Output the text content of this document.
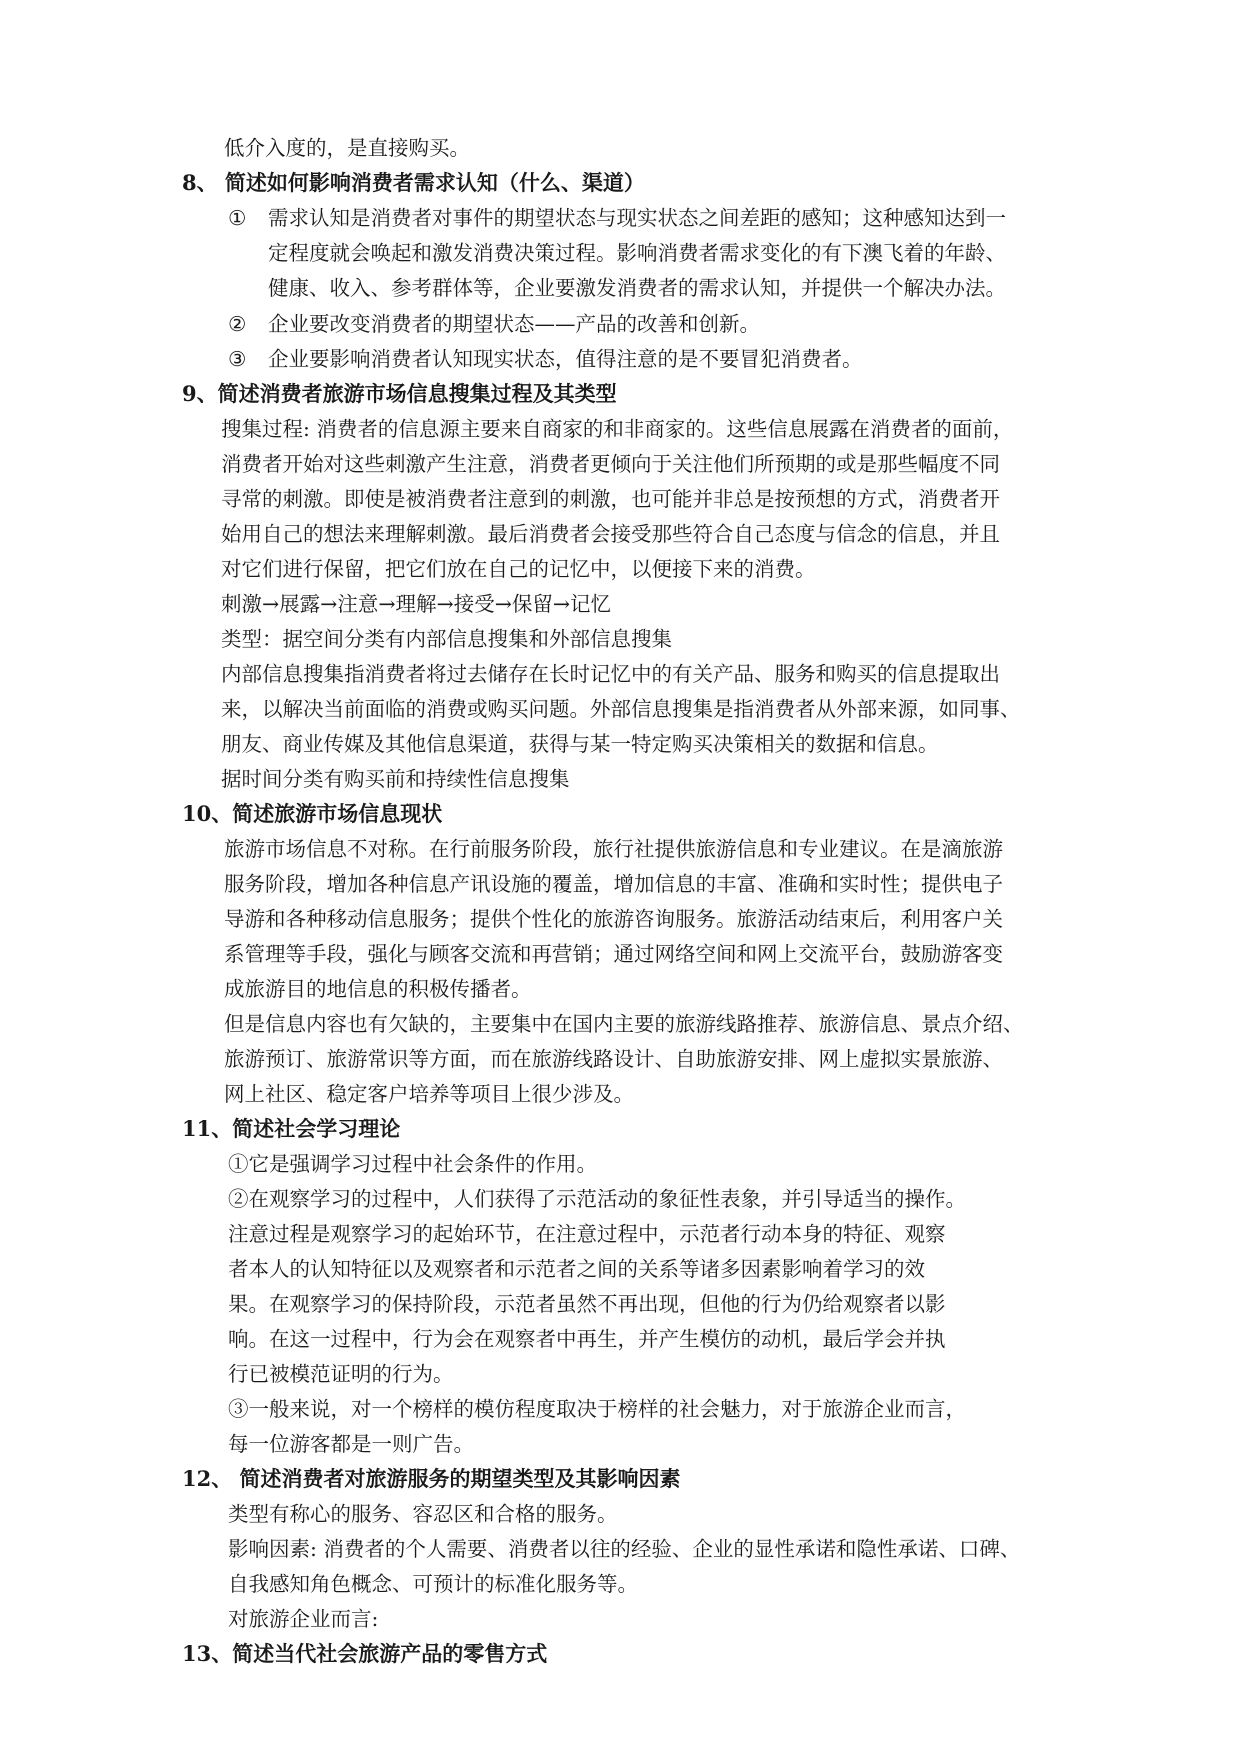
低介入度的，是直接购买。
8、 简述如何影响消费者需求认知（什么、渠道）
① 需求认知是消费者对事件的期望状态与现实状态之间差距的感知；这种感知达到一
定程度就会唤起和激发消费决策过程。影响消费者需求变化的有下澳飞着的年龄、
健康、收入、参考群体等，企业要激发消费者的需求认知，并提供一个解决办法。
② 企业要改变消费者的期望状态——产品的改善和创新。
③ 企业要影响消费者认知现实状态，值得注意的是不要冒犯消费者。
9、简述消费者旅游市场信息搜集过程及其类型
搜集过程: 消费者的信息源主要来自商家的和非商家的。这些信息展露在消费者的面前，
消费者开始对这些刺激产生注意，消费者更倾向于关注他们所预期的或是那些幅度不同
寻常的刺激。即使是被消费者注意到的刺激，也可能并非总是按预想的方式，消费者开
始用自己的想法来理解刺激。最后消费者会接受那些符合自己态度与信念的信息，并且
对它们进行保留，把它们放在自己的记忆中，以便接下来的消费。
刺激→展露→注意→理解→接受→保留→记忆
类型：据空间分类有内部信息搜集和外部信息搜集
内部信息搜集指消费者将过去储存在长时记忆中的有关产品、服务和购买的信息提取出
来，以解决当前面临的消费或购买问题。外部信息搜集是指消费者从外部来源，如同事、
朋友、商业传媒及其他信息渠道，获得与某一特定购买决策相关的数据和信息。
据时间分类有购买前和持续性信息搜集
10、简述旅游市场信息现状
旅游市场信息不对称。在行前服务阶段，旅行社提供旅游信息和专业建议。在是滴旅游
服务阶段，增加各种信息产讯设施的覆盖，增加信息的丰富、准确和实时性；提供电子
导游和各种移动信息服务；提供个性化的旅游咨询服务。旅游活动结束后，利用客户关
系管理等手段，强化与顾客交流和再营销；通过网络空间和网上交流平台，鼓励游客变
成旅游目的地信息的积极传播者。
但是信息内容也有欠缺的，主要集中在国内主要的旅游线路推荐、旅游信息、景点介绍、
旅游预订、旅游常识等方面，而在旅游线路设计、自助旅游安排、网上虚拟实景旅游、
网上社区、稳定客户培养等项目上很少涉及。
11、简述社会学习理论
①它是强调学习过程中社会条件的作用。
②在观察学习的过程中，人们获得了示范活动的象征性表象，并引导适当的操作。
注意过程是观察学习的起始环节，在注意过程中，示范者行动本身的特征、观察
者本人的认知特征以及观察者和示范者之间的关系等诸多因素影响着学习的效
果。在观察学习的保持阶段，示范者虽然不再出现，但他的行为仍给观察者以影
响。在这一过程中，行为会在观察者中再生，并产生模仿的动机，最后学会并执
行已被模范证明的行为。
③一般来说，对一个榜样的模仿程度取决于榜样的社会魅力，对于旅游企业而言，
每一位游客都是一则广告。
12、 简述消费者对旅游服务的期望类型及其影响因素
类型有称心的服务、容忍区和合格的服务。
影响因素: 消费者的个人需要、消费者以往的经验、企业的显性承诺和隐性承诺、口碑、
自我感知角色概念、可预计的标准化服务等。
对旅游企业而言:
13、简述当代社会旅游产品的零售方式
